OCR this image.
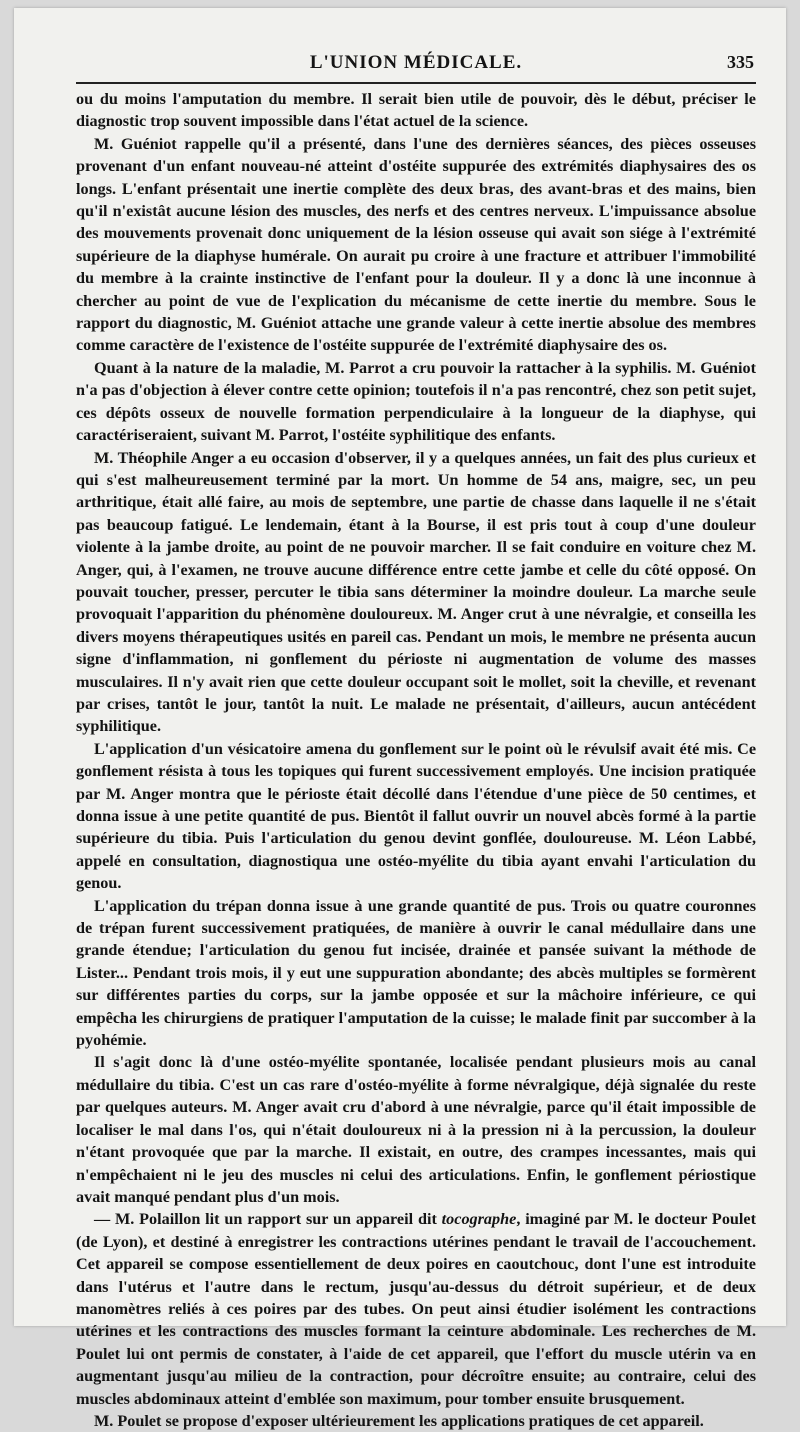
L'UNION MÉDICALE.	335

ou du moins l'amputation du membre. Il serait bien utile de pouvoir, dès le début, préciser le diagnostic trop souvent impossible dans l'état actuel de la science.

M. Guéniot rappelle qu'il a présenté, dans l'une des dernières séances, des pièces osseuses provenant d'un enfant nouveau-né atteint d'ostéite suppurée des extrémités diaphysaires des os longs. L'enfant présentait une inertie complète des deux bras, des avant-bras et des mains, bien qu'il n'existât aucune lésion des muscles, des nerfs et des centres nerveux. L'impuissance absolue des mouvements provenait donc uniquement de la lésion osseuse qui avait son siége à l'extrémité supérieure de la diaphyse humérale. On aurait pu croire à une fracture et attribuer l'immobilité du membre à la crainte instinctive de l'enfant pour la douleur. Il y a donc là une inconnue à chercher au point de vue de l'explication du mécanisme de cette inertie du membre. Sous le rapport du diagnostic, M. Guéniot attache une grande valeur à cette inertie absolue des membres comme caractère de l'existence de l'ostéite suppurée de l'extrémité diaphysaire des os.

Quant à la nature de la maladie, M. Parrot a cru pouvoir la rattacher à la syphilis. M. Guéniot n'a pas d'objection à élever contre cette opinion; toutefois il n'a pas rencontré, chez son petit sujet, ces dépôts osseux de nouvelle formation perpendiculaire à la longueur de la diaphyse, qui caractériseraient, suivant M. Parrot, l'ostéite syphilitique des enfants.

M. Théophile Anger a eu occasion d'observer, il y a quelques années, un fait des plus curieux et qui s'est malheureusement terminé par la mort. Un homme de 54 ans, maigre, sec, un peu arthritique, était allé faire, au mois de septembre, une partie de chasse dans laquelle il ne s'était pas beaucoup fatigué. Le lendemain, étant à la Bourse, il est pris tout à coup d'une douleur violente à la jambe droite, au point de ne pouvoir marcher. Il se fait conduire en voiture chez M. Anger, qui, à l'examen, ne trouve aucune différence entre cette jambe et celle du côté opposé. On pouvait toucher, presser, percuter le tibia sans déterminer la moindre douleur. La marche seule provoquait l'apparition du phénomène douloureux. M. Anger crut à une névralgie, et conseilla les divers moyens thérapeutiques usités en pareil cas. Pendant un mois, le membre ne présenta aucun signe d'inflammation, ni gonflement du périoste ni augmentation de volume des masses musculaires. Il n'y avait rien que cette douleur occupant soit le mollet, soit la cheville, et revenant par crises, tantôt le jour, tantôt la nuit. Le malade ne présentait, d'ailleurs, aucun antécédent syphilitique.

L'application d'un vésicatoire amena du gonflement sur le point où le révulsif avait été mis. Ce gonflement résista à tous les topiques qui furent successivement employés. Une incision pratiquée par M. Anger montra que le périoste était décollé dans l'étendue d'une pièce de 50 centimes, et donna issue à une petite quantité de pus. Bientôt il fallut ouvrir un nouvel abcès formé à la partie supérieure du tibia. Puis l'articulation du genou devint gonflée, douloureuse. M. Léon Labbé, appelé en consultation, diagnostiqua une ostéo-myélite du tibia ayant envahi l'articulation du genou.

L'application du trépan donna issue à une grande quantité de pus. Trois ou quatre couronnes de trépan furent successivement pratiquées, de manière à ouvrir le canal médullaire dans une grande étendue; l'articulation du genou fut incisée, drainée et pansée suivant la méthode de Lister... Pendant trois mois, il y eut une suppuration abondante; des abcès multiples se formèrent sur différentes parties du corps, sur la jambe opposée et sur la mâchoire inférieure, ce qui empêcha les chirurgiens de pratiquer l'amputation de la cuisse; le malade finit par succomber à la pyohémie.

Il s'agit donc là d'une ostéo-myélite spontanée, localisée pendant plusieurs mois au canal médullaire du tibia. C'est un cas rare d'ostéo-myélite à forme névralgique, déjà signalée du reste par quelques auteurs. M. Anger avait cru d'abord à une névralgie, parce qu'il était impossible de localiser le mal dans l'os, qui n'était douloureux ni à la pression ni à la percussion, la douleur n'étant provoquée que par la marche. Il existait, en outre, des crampes incessantes, mais qui n'empêchaient ni le jeu des muscles ni celui des articulations. Enfin, le gonflement périostique avait manqué pendant plus d'un mois.

— M. Polaillon lit un rapport sur un appareil dit tocographe, imaginé par M. le docteur Poulet (de Lyon), et destiné à enregistrer les contractions utérines pendant le travail de l'accouchement. Cet appareil se compose essentiellement de deux poires en caoutchouc, dont l'une est introduite dans l'utérus et l'autre dans le rectum, jusqu'au-dessus du détroit supérieur, et de deux manomètres reliés à ces poires par des tubes. On peut ainsi étudier isolément les contractions utérines et les contractions des muscles formant la ceinture abdominale. Les recherches de M. Poulet lui ont permis de constater, à l'aide de cet appareil, que l'effort du muscle utérin va en augmentant jusqu'au milieu de la contraction, pour décroître ensuite; au contraire, celui des muscles abdominaux atteint d'emblée son maximum, pour tomber ensuite brusquement.

M. Poulet se propose d'exposer ultérieurement les applications pratiques de cet appareil.
